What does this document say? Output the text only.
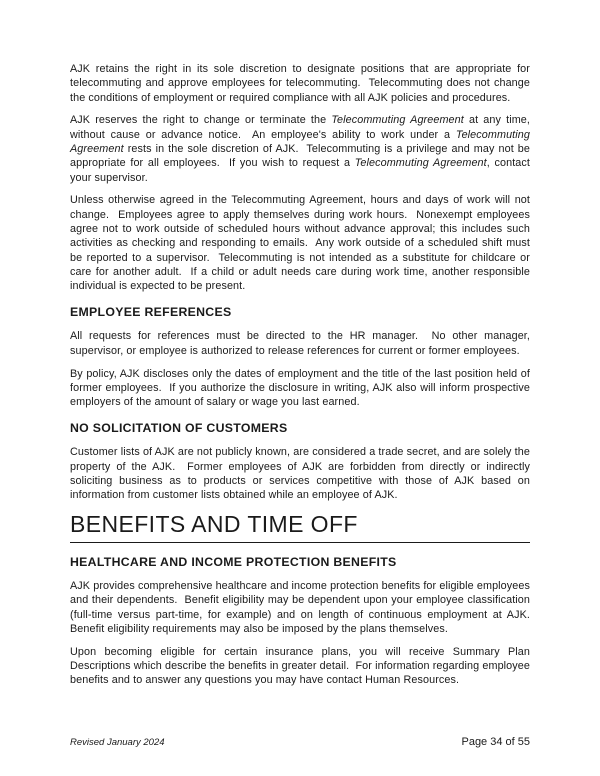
AJK retains the right in its sole discretion to designate positions that are appropriate for telecommuting and approve employees for telecommuting.  Telecommuting does not change the conditions of employment or required compliance with all AJK policies and procedures.

AJK reserves the right to change or terminate the Telecommuting Agreement at any time, without cause or advance notice.  An employee's ability to work under a Telecommuting Agreement rests in the sole discretion of AJK.  Telecommuting is a privilege and may not be appropriate for all employees.  If you wish to request a Telecommuting Agreement, contact your supervisor.

Unless otherwise agreed in the Telecommuting Agreement, hours and days of work will not change.  Employees agree to apply themselves during work hours.  Nonexempt employees agree not to work outside of scheduled hours without advance approval; this includes such activities as checking and responding to emails.  Any work outside of a scheduled shift must be reported to a supervisor.  Telecommuting is not intended as a substitute for childcare or care for another adult.  If a child or adult needs care during work time, another responsible individual is expected to be present.

EMPLOYEE REFERENCES

All requests for references must be directed to the HR manager.  No other manager, supervisor, or employee is authorized to release references for current or former employees.

By policy, AJK discloses only the dates of employment and the title of the last position held of former employees.  If you authorize the disclosure in writing, AJK also will inform prospective employers of the amount of salary or wage you last earned.

NO SOLICITATION OF CUSTOMERS

Customer lists of AJK are not publicly known, are considered a trade secret, and are solely the property of the AJK.  Former employees of AJK are forbidden from directly or indirectly soliciting business as to products or services competitive with those of AJK based on information from customer lists obtained while an employee of AJK.

BENEFITS AND TIME OFF
HEALTHCARE AND INCOME PROTECTION BENEFITS

AJK provides comprehensive healthcare and income protection benefits for eligible employees and their dependents.  Benefit eligibility may be dependent upon your employee classification (full-time versus part-time, for example) and on length of continuous employment at AJK.  Benefit eligibility requirements may also be imposed by the plans themselves.

Upon becoming eligible for certain insurance plans, you will receive Summary Plan Descriptions which describe the benefits in greater detail.  For information regarding employee benefits and to answer any questions you may have contact Human Resources.

Revised January 2024	Page 34 of 55
